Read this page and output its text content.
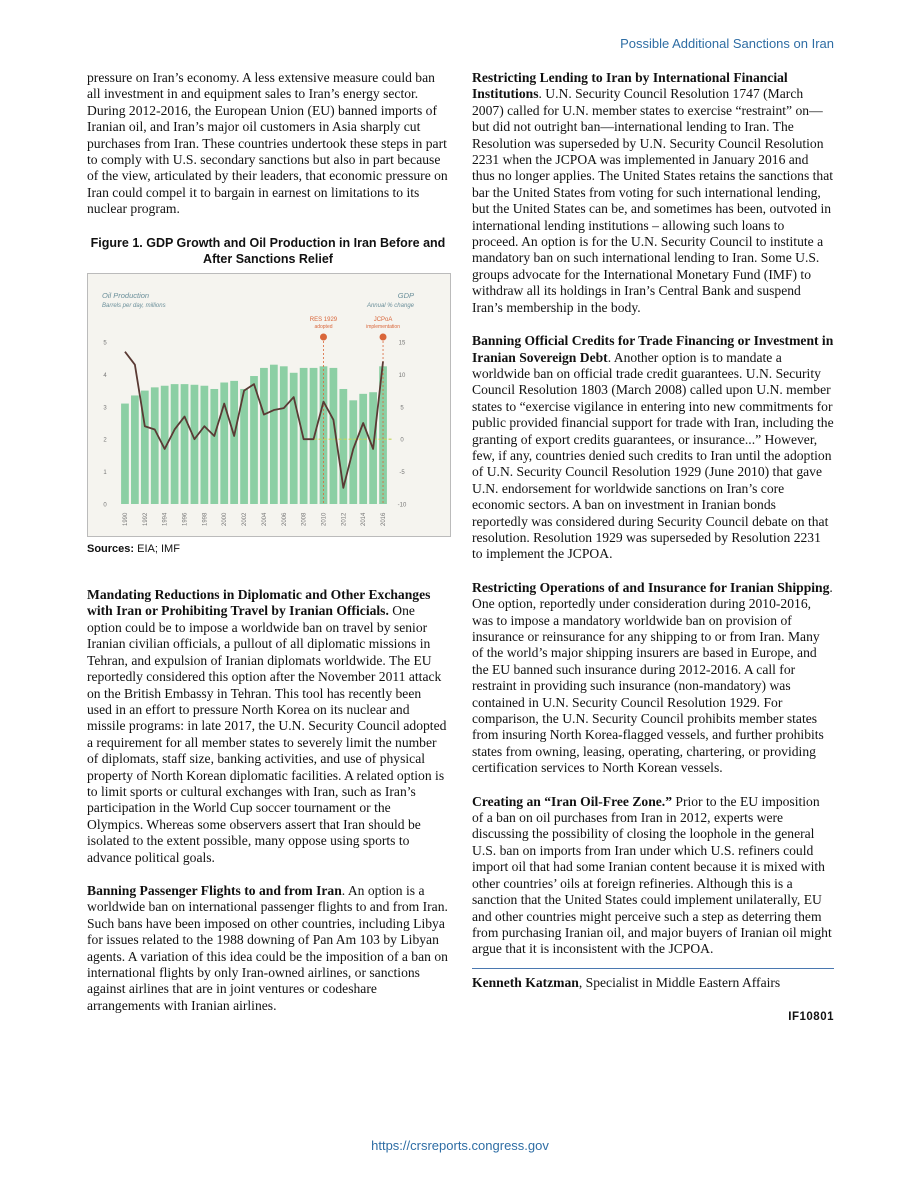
Possible Additional Sanctions on Iran

pressure on Iran’s economy. A less extensive measure could ban all investment in and equipment sales to Iran’s energy sector. During 2012-2016, the European Union (EU) banned imports of Iranian oil, and Iran’s major oil customers in Asia sharply cut purchases from Iran. These countries undertook these steps in part to comply with U.S. secondary sanctions but also in part because of the view, articulated by their leaders, that economic pressure on Iran could compel it to bargain in earnest on limitations to its nuclear program.

Figure 1. GDP Growth and Oil Production in Iran Before and After Sanctions Relief
Oil Production
Barrels per day, millions
GDP
Annual % change
0
1
2
3
4
5
-10
-5
0
5
10
15
RES 1929
adopted
JCPoA
implementation
1990 1992 1994 1996 1998 2000 2002 2004 2006 2008 2010 2012 2014 2016
Sources: EIA; IMF

Mandating Reductions in Diplomatic and Other Exchanges with Iran or Prohibiting Travel by Iranian Officials. One option could be to impose a worldwide ban on travel by senior Iranian civilian officials, a pullout of all diplomatic missions in Tehran, and expulsion of Iranian diplomats worldwide. The EU reportedly considered this option after the November 2011 attack on the British Embassy in Tehran. This tool has recently been used in an effort to pressure North Korea on its nuclear and missile programs: in late 2017, the U.N. Security Council adopted a requirement for all member states to severely limit the number of diplomats, staff size, banking activities, and use of physical property of North Korean diplomatic facilities. A related option is to limit sports or cultural exchanges with Iran, such as Iran’s participation in the World Cup soccer tournament or the Olympics. Whereas some observers assert that Iran should be isolated to the extent possible, many oppose using sports to advance political goals.

Banning Passenger Flights to and from Iran. An option is a worldwide ban on international passenger flights to and from Iran. Such bans have been imposed on other countries, including Libya for issues related to the 1988 downing of Pan Am 103 by Libyan agents. A variation of this idea could be the imposition of a ban on international flights by only Iran-owned airlines, or sanctions against airlines that are in joint ventures or codeshare arrangements with Iranian airlines.

Restricting Lending to Iran by International Financial Institutions. U.N. Security Council Resolution 1747 (March 2007) called for U.N. member states to exercise “restraint” on— but did not outright ban—international lending to Iran. The Resolution was superseded by U.N. Security Council Resolution 2231 when the JCPOA was implemented in January 2016 and thus no longer applies. The United States retains the sanctions that bar the United States from voting for such international lending, but the United States can be, and sometimes has been, outvoted in international lending institutions – allowing such loans to proceed. An option is for the U.N. Security Council to institute a mandatory ban on such international lending to Iran. Some U.S. groups advocate for the International Monetary Fund (IMF) to withdraw all its holdings in Iran’s Central Bank and suspend Iran’s membership in the body.

Banning Official Credits for Trade Financing or Investment in Iranian Sovereign Debt. Another option is to mandate a worldwide ban on official trade credit guarantees. U.N. Security Council Resolution 1803 (March 2008) called upon U.N. member states to “exercise vigilance in entering into new commitments for public provided financial support for trade with Iran, including the granting of export credits guarantees, or insurance...” However, few, if any, countries denied such credits to Iran until the adoption of U.N. Security Council Resolution 1929 (June 2010) that gave U.N. endorsement for worldwide sanctions on Iran’s core economic sectors. A ban on investment in Iranian bonds reportedly was considered during Security Council debate on that resolution. Resolution 1929 was superseded by Resolution 2231 to implement the JCPOA.

Restricting Operations of and Insurance for Iranian Shipping. One option, reportedly under consideration during 2010-2016, was to impose a mandatory worldwide ban on provision of insurance or reinsurance for any shipping to or from Iran. Many of the world’s major shipping insurers are based in Europe, and the EU banned such insurance during 2012-2016. A call for restraint in providing such insurance (non-mandatory) was contained in U.N. Security Council Resolution 1929. For comparison, the U.N. Security Council prohibits member states from insuring North Korea-flagged vessels, and further prohibits states from owning, leasing, operating, chartering, or providing certification services to North Korean vessels.

Creating an “Iran Oil-Free Zone.” Prior to the EU imposition of a ban on oil purchases from Iran in 2012, experts were discussing the possibility of closing the loophole in the general U.S. ban on imports from Iran under which U.S. refiners could import oil that had some Iranian content because it is mixed with other countries’ oils at foreign refineries. Although this is a sanction that the United States could implement unilaterally, EU and other countries might perceive such a step as deterring them from purchasing Iranian oil, and major buyers of Iranian oil might argue that it is inconsistent with the JCPOA.

Kenneth Katzman, Specialist in Middle Eastern Affairs
IF10801
https://crsreports.congress.gov
